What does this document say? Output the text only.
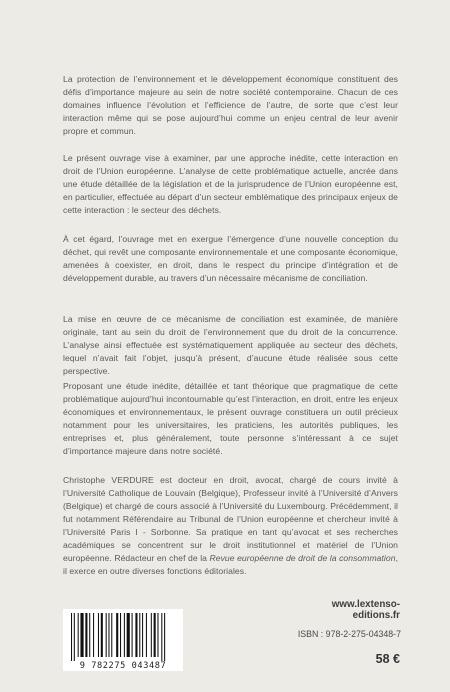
La protection de l’environnement et le développement économique constituent des défis d’importance majeure au sein de notre société contemporaine. Chacun de ces domaines influence l’évolution et l’efficience de l’autre, de sorte que c’est leur interaction même qui se pose aujourd’hui comme un enjeu central de leur avenir propre et commun.

Le présent ouvrage vise à examiner, par une approche inédite, cette interaction en droit de l’Union européenne. L’analyse de cette problématique actuelle, ancrée dans une étude détaillée de la législation et de la jurisprudence de l’Union européenne est, en particulier, effectuée au départ d’un secteur emblématique des principaux enjeux de cette interaction : le secteur des déchets.

À cet égard, l’ouvrage met en exergue l’émergence d’une nouvelle conception du déchet, qui revêt une composante environnementale et une composante économique, amenées à coexister, en droit, dans le respect du principe d’intégration et de développement durable, au travers d’un nécessaire mécanisme de conciliation.

La mise en œuvre de ce mécanisme de conciliation est examinée, de manière originale, tant au sein du droit de l’environnement que du droit de la concurrence. L’analyse ainsi effectuée est systématiquement appliquée au secteur des déchets, lequel n’avait fait l’objet, jusqu’à présent, d’aucune étude réalisée sous cette perspective.

Proposant une étude inédite, détaillée et tant théorique que pragmatique de cette problématique aujourd’hui incontournable qu’est l’interaction, en droit, entre les enjeux économiques et environnementaux, le présent ouvrage constituera un outil précieux notamment pour les universitaires, les praticiens, les autorités publiques, les entreprises et, plus généralement, toute personne s’intéressant à ce sujet d’importance majeure dans notre société.

Christophe VERDURE est docteur en droit, avocat, chargé de cours invité à l’Université Catholique de Louvain (Belgique), Professeur invité à l’Université d’Anvers (Belgique) et chargé de cours associé à l’Université du Luxembourg. Précédemment, il fut notamment Référendaire au Tribunal de l’Union européenne et chercheur invité à l’Université Paris I - Sorbonne. Sa pratique en tant qu’avocat et ses recherches académiques se concentrent sur le droit institutionnel et matériel de l’Union européenne. Rédacteur en chef de la Revue européenne de droit de la consommation, il exerce en outre diverses fonctions éditoriales.

www.lextenso-editions.fr
ISBN : 978-2-275-04348-7
58 €
9 782275 043487
